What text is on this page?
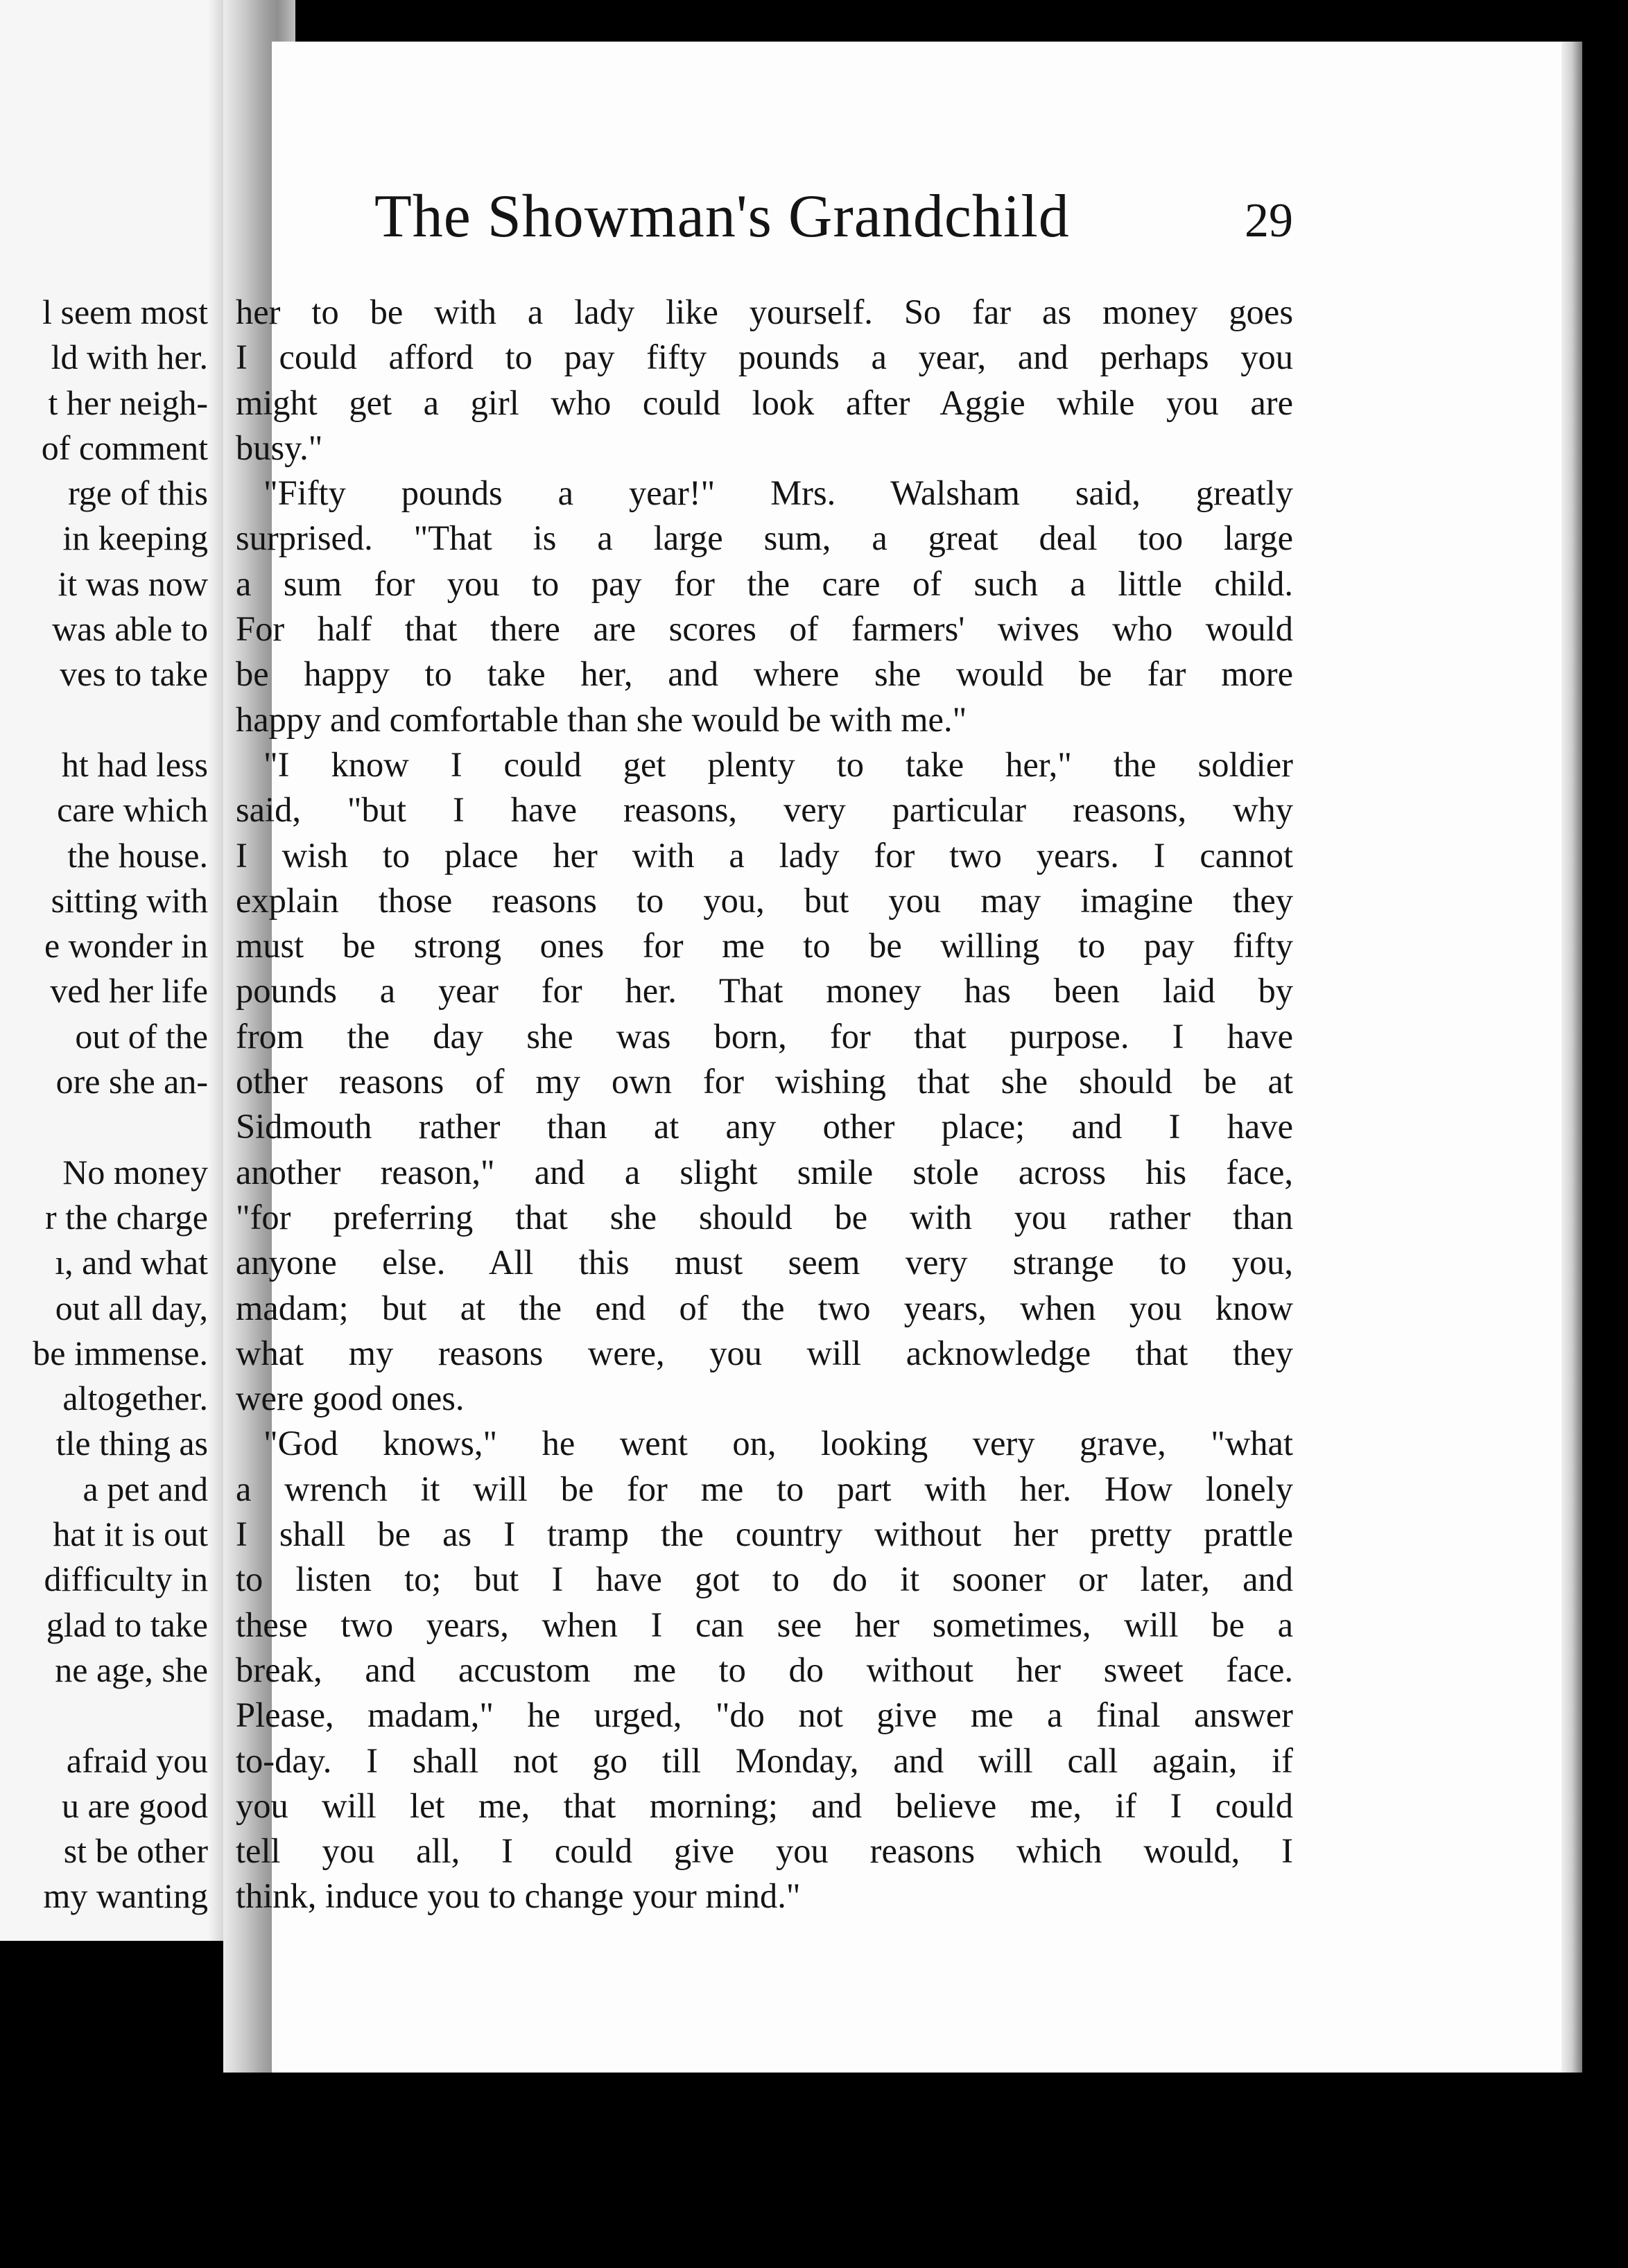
l seem most
ld with her.
t her neigh-
of comment
rge of this
in keeping
it was now
was able to
ves to take
ht had less
care which
the house.
sitting with
e wonder in
ved her life
out of the
ore she an-
No money
r the charge
ı, and what
out all day,
be immense.
altogether.
tle thing as
a pet and
hat it is out
difficulty in
glad to take
ne age, she
afraid you
u are good
st be other
my wanting
The Showman's Grandchild	29
her to be with a lady like yourself. So far as money goes
I could afford to pay fifty pounds a year, and perhaps you
might get a girl who could look after Aggie while you are
busy."
"Fifty pounds a year!" Mrs. Walsham said, greatly
surprised. "That is a large sum, a great deal too large
a sum for you to pay for the care of such a little child.
For half that there are scores of farmers' wives who would
be happy to take her, and where she would be far more
happy and comfortable than she would be with me."
"I know I could get plenty to take her," the soldier
said, "but I have reasons, very particular reasons, why
I wish to place her with a lady for two years. I cannot
explain those reasons to you, but you may imagine they
must be strong ones for me to be willing to pay fifty
pounds a year for her. That money has been laid by
from the day she was born, for that purpose. I have
other reasons of my own for wishing that she should be at
Sidmouth rather than at any other place; and I have
another reason," and a slight smile stole across his face,
"for preferring that she should be with you rather than
anyone else. All this must seem very strange to you,
madam; but at the end of the two years, when you know
what my reasons were, you will acknowledge that they
were good ones.
"God knows," he went on, looking very grave, "what
a wrench it will be for me to part with her. How lonely
I shall be as I tramp the country without her pretty prattle
to listen to; but I have got to do it sooner or later, and
these two years, when I can see her sometimes, will be a
break, and accustom me to do without her sweet face.
Please, madam," he urged, "do not give me a final answer
to-day. I shall not go till Monday, and will call again, if
you will let me, that morning; and believe me, if I could
tell you all, I could give you reasons which would, I
think, induce you to change your mind."
